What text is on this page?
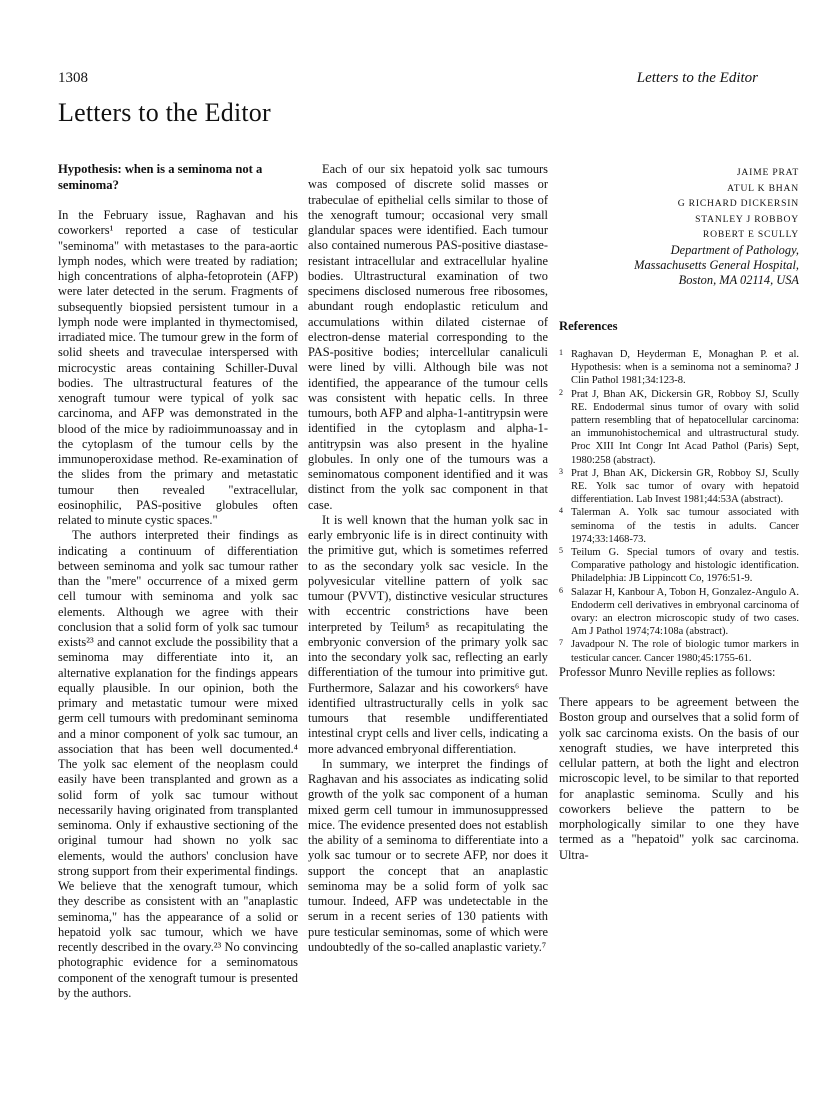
1308	Letters to the Editor
Letters to the Editor
Hypothesis: when is a seminoma not a seminoma?

In the February issue, Raghavan and his coworkers¹ reported a case of testicular "seminoma" with metastases to the para-aortic lymph nodes, which were treated by radiation; high concentrations of alpha-fetoprotein (AFP) were later detected in the serum. Fragments of subsequently biopsied persistent tumour in a lymph node were implanted in thymectomised, irradiated mice. The tumour grew in the form of solid sheets and traveculae interspersed with microcystic areas containing Schiller-Duval bodies. The ultrastructural features of the xenograft tumour were typical of yolk sac carcinoma, and AFP was demonstrated in the blood of the mice by radioimmunoassay and in the cytoplasm of the tumour cells by the immunoperoxidase method. Re-examination of the slides from the primary and metastatic tumour then revealed "extracellular, eosinophilic, PAS-positive globules often related to minute cystic spaces."

The authors interpreted their findings as indicating a continuum of differentiation between seminoma and yolk sac tumour rather than the "mere" occurrence of a mixed germ cell tumour with seminoma and yolk sac elements. Although we agree with their conclusion that a solid form of yolk sac tumour exists²³ and cannot exclude the possibility that a seminoma may differentiate into it, an alternative explanation for the findings appears equally plausible. In our opinion, both the primary and metastatic tumour were mixed germ cell tumours with predominant seminoma and a minor component of yolk sac tumour, an association that has been well documented.⁴ The yolk sac element of the neoplasm could easily have been transplanted and grown as a solid form of yolk sac tumour without necessarily having originated from transplanted seminoma. Only if exhaustive sectioning of the original tumour had shown no yolk sac elements, would the authors' conclusion have strong support from their experimental findings. We believe that the xenograft tumour, which they describe as consistent with an "anaplastic seminoma," has the appearance of a solid or hepatoid yolk sac tumour, which we have recently described in the ovary.²³ No convincing photographic evidence for a seminomatous component of the xenograft tumour is presented by the authors.

Each of our six hepatoid yolk sac tumours was composed of discrete solid masses or trabeculae of epithelial cells similar to those of the xenograft tumour; occasional very small glandular spaces were identified. Each tumour also contained numerous PAS-positive diastase-resistant intracellular and extracellular hyaline bodies. Ultrastructural examination of two specimens disclosed numerous free ribosomes, abundant rough endoplastic reticulum and accumulations within dilated cisternae of electron-dense material corresponding to the PAS-positive bodies; intercellular canaliculi were lined by villi. Although bile was not identified, the appearance of the tumour cells was consistent with hepatic cells. In three tumours, both AFP and alpha-1-antitrypsin were identified in the cytoplasm and alpha-1-antitrypsin was also present in the hyaline globules. In only one of the tumours was a seminomatous component identified and it was distinct from the yolk sac component in that case.

It is well known that the human yolk sac in early embryonic life is in direct continuity with the primitive gut, which is sometimes referred to as the secondary yolk sac vesicle. In the polyvesicular vitelline pattern of yolk sac tumour (PVVT), distinctive vesicular structures with eccentric constrictions have been interpreted by Teilum⁵ as recapitulating the embryonic conversion of the primary yolk sac into the secondary yolk sac, reflecting an early differentiation of the tumour into primitive gut. Furthermore, Salazar and his coworkers⁶ have identified ultrastructurally cells in yolk sac tumours that resemble undifferentiated intestinal crypt cells and liver cells, indicating a more advanced embryonal differentiation.

In summary, we interpret the findings of Raghavan and his associates as indicating solid growth of the yolk sac component of a human mixed germ cell tumour in immunosuppressed mice. The evidence presented does not establish the ability of a seminoma to differentiate into a yolk sac tumour or to secrete AFP, nor does it support the concept that an anaplastic seminoma may be a solid form of yolk sac tumour. Indeed, AFP was undetectable in the serum in a recent series of 130 patients with pure testicular seminomas, some of which were undoubtedly of the so-called anaplastic variety.⁷

JAIME PRAT
ATUL K BHAN
G RICHARD DICKERSIN
STANLEY J ROBBOY
ROBERT E SCULLY
Department of Pathology,
Massachusetts General Hospital,
Boston, MA 02114, USA
References
1 Raghavan D, Heyderman E, Monaghan P. et al. Hypothesis: when is a seminoma not a seminoma? J Clin Pathol 1981;34:123-8.
2 Prat J, Bhan AK, Dickersin GR, Robboy SJ, Scully RE. Endodermal sinus tumor of ovary with solid pattern resembling that of hepatocellular carcinoma: an immunohistochemical and ultrastructural study. Proc XIII Int Congr Int Acad Pathol (Paris) Sept, 1980:258 (abstract).
3 Prat J, Bhan AK, Dickersin GR, Robboy SJ, Scully RE. Yolk sac tumor of ovary with hepatoid differentiation. Lab Invest 1981;44:53A (abstract).
4 Talerman A. Yolk sac tumour associated with seminoma of the testis in adults. Cancer 1974;33:1468-73.
5 Teilum G. Special tumors of ovary and testis. Comparative pathology and histologic identification. Philadelphia: JB Lippincott Co, 1976:51-9.
6 Salazar H, Kanbour A, Tobon H, Gonzalez-Angulo A. Endoderm cell derivatives in embryonal carcinoma of ovary: an electron microscopic study of two cases. Am J Pathol 1974;74:108a (abstract).
7 Javadpour N. The role of biologic tumor markers in testicular cancer. Cancer 1980;45:1755-61.

Professor Munro Neville replies as follows:

There appears to be agreement between the Boston group and ourselves that a solid form of yolk sac carcinoma exists. On the basis of our xenograft studies, we have interpreted this cellular pattern, at both the light and electron microscopic level, to be similar to that reported for anaplastic seminoma. Scully and his coworkers believe the pattern to be morphologically similar to one they have termed as a "hepatoid" yolk sac carcinoma. Ultra-
